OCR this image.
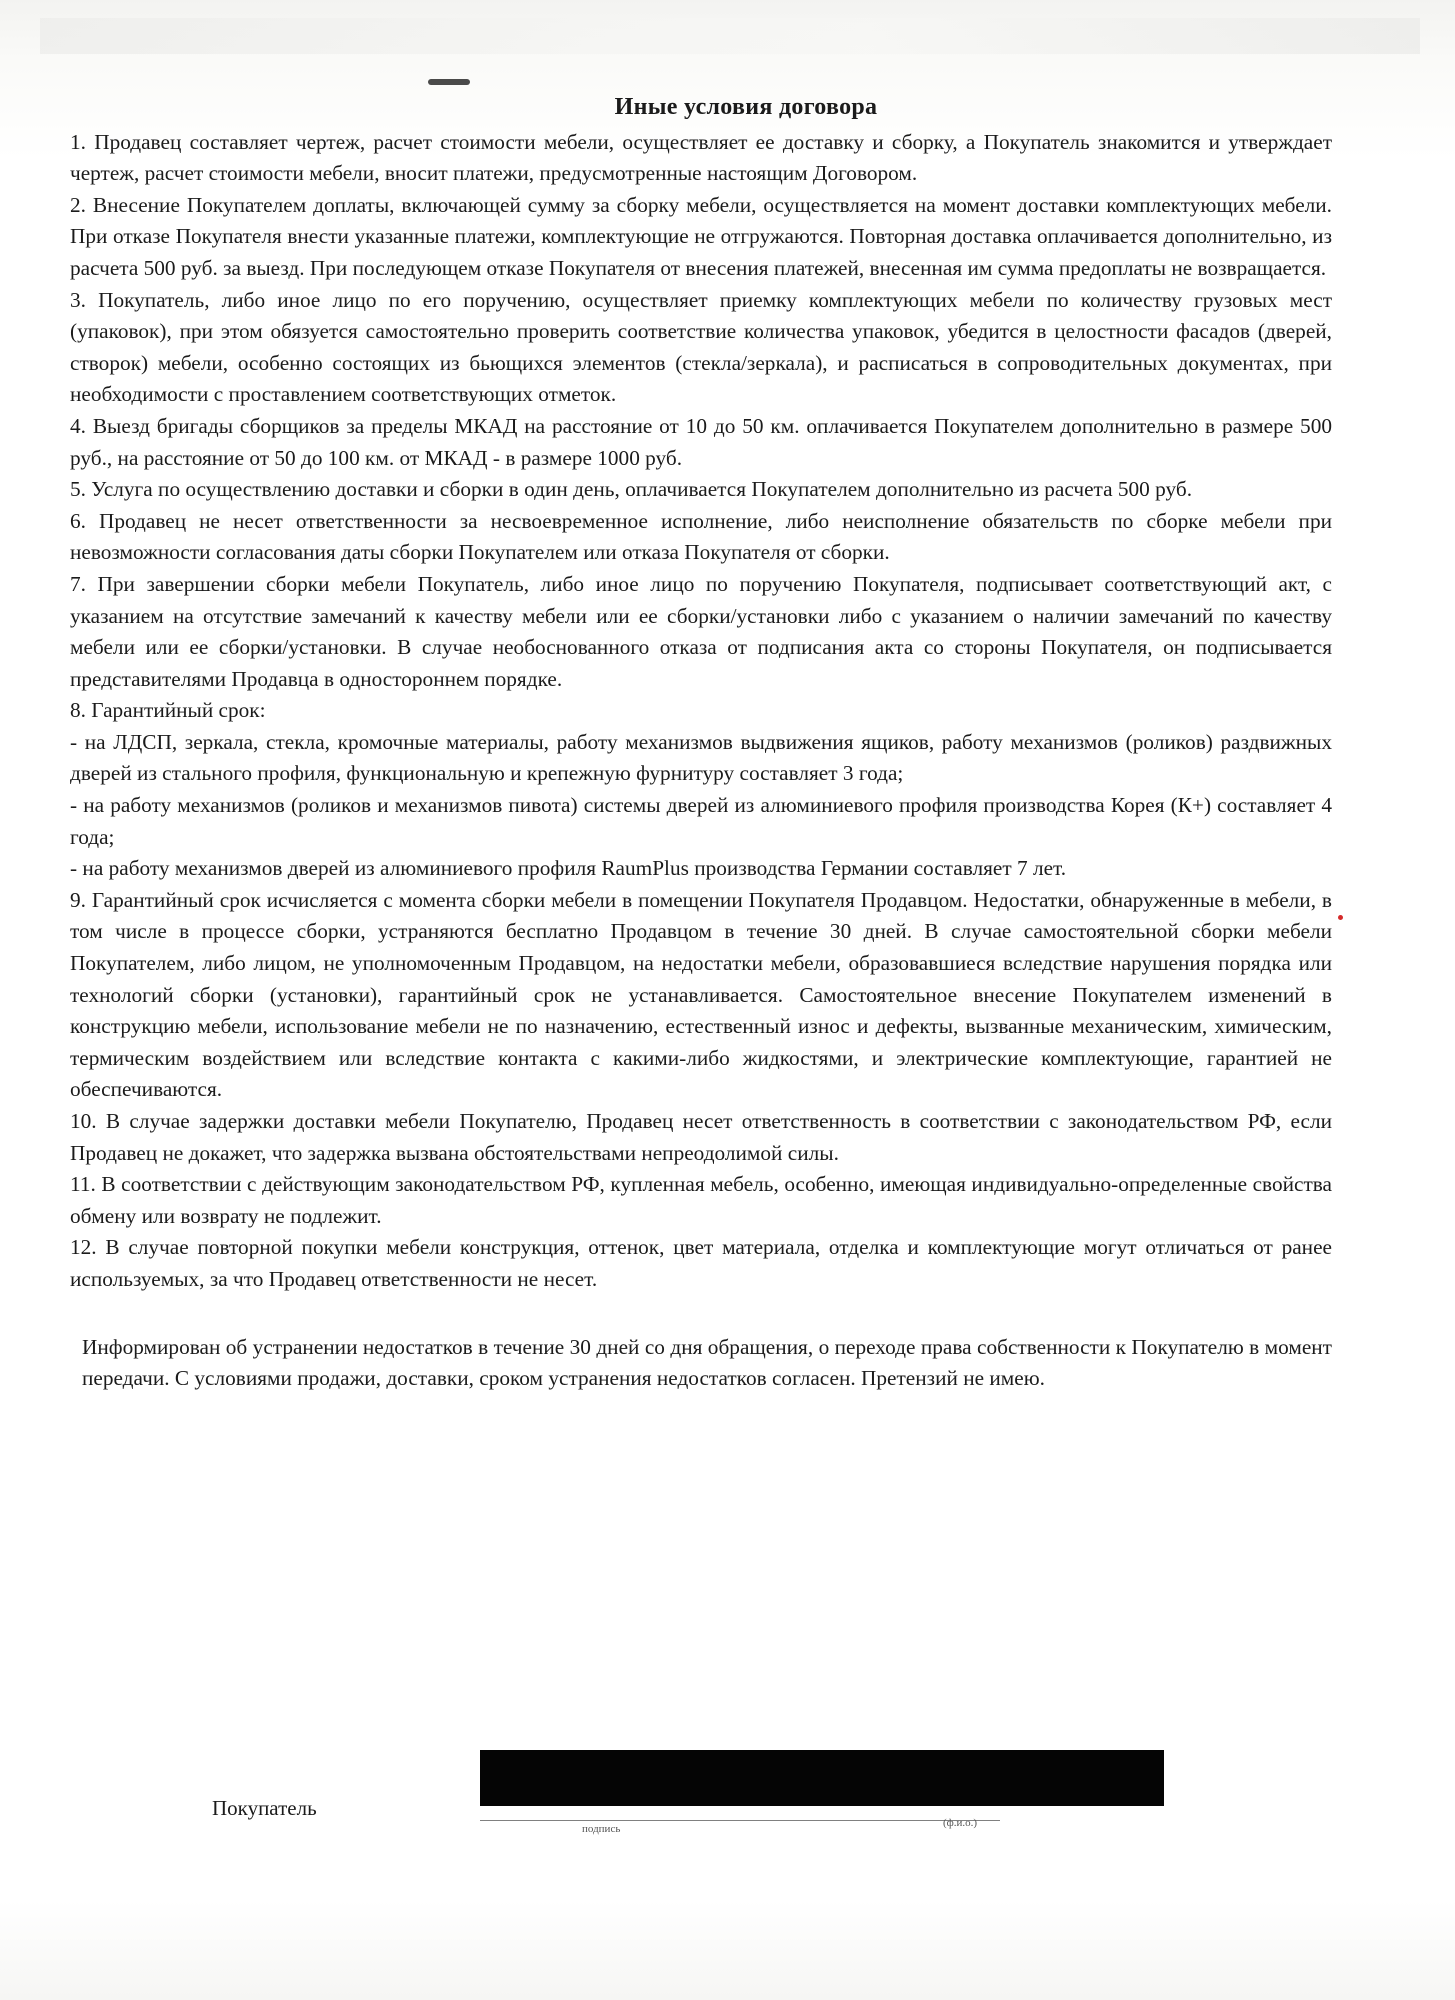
Иные условия договора

1. Продавец составляет чертеж, расчет стоимости мебели, осуществляет ее доставку и сборку, а Покупатель знакомится и утверждает чертеж, расчет стоимости мебели, вносит платежи, предусмотренные настоящим Договором.

2. Внесение Покупателем доплаты, включающей сумму за сборку мебели, осуществляется на момент доставки комплектующих мебели. При отказе Покупателя внести указанные платежи, комплектующие не отгружаются. Повторная доставка оплачивается дополнительно, из расчета 500 руб. за выезд. При последующем отказе Покупателя от внесения платежей, внесенная им сумма предоплаты не возвращается.

3. Покупатель, либо иное лицо по его поручению, осуществляет приемку комплектующих мебели по количеству грузовых мест (упаковок), при этом обязуется самостоятельно проверить соответствие количества упаковок, убедится в целостности фасадов (дверей, створок) мебели, особенно состоящих из бьющихся элементов (стекла/зеркала), и расписаться в сопроводительных документах, при необходимости с проставлением соответствующих отметок.

4. Выезд бригады сборщиков за пределы МКАД на расстояние от 10 до 50 км. оплачивается Покупателем дополнительно в размере 500 руб., на расстояние от 50 до 100 км. от МКАД - в размере 1000 руб.

5. Услуга по осуществлению доставки и сборки в один день, оплачивается Покупателем дополнительно из расчета 500 руб.

6. Продавец не несет ответственности за несвоевременное исполнение, либо неисполнение обязательств по сборке мебели при невозможности согласования даты сборки Покупателем или отказа Покупателя от сборки.

7. При завершении сборки мебели Покупатель, либо иное лицо по поручению Покупателя, подписывает соответствующий акт, с указанием на отсутствие замечаний к качеству мебели или ее сборки/установки либо с указанием о наличии замечаний по качеству мебели или ее сборки/установки. В случае необоснованного отказа от подписания акта со стороны Покупателя, он подписывается представителями Продавца в одностороннем порядке.

8. Гарантийный срок:

- на ЛДСП, зеркала, стекла, кромочные материалы, работу механизмов выдвижения ящиков, работу механизмов (роликов) раздвижных дверей из стального профиля, функциональную и крепежную фурнитуру составляет 3 года;

- на работу механизмов (роликов и механизмов пивота) системы дверей из алюминиевого профиля производства Корея (К+) составляет 4 года;

- на работу механизмов дверей из алюминиевого профиля RaumPlus производства Германии составляет 7 лет.

9. Гарантийный срок исчисляется с момента сборки мебели в помещении Покупателя Продавцом. Недостатки, обнаруженные в мебели, в том числе в процессе сборки, устраняются бесплатно Продавцом в течение 30 дней. В случае самостоятельной сборки мебели Покупателем, либо лицом, не уполномоченным Продавцом, на недостатки мебели, образовавшиеся вследствие нарушения порядка или технологий сборки (установки), гарантийный срок не устанавливается. Самостоятельное внесение Покупателем изменений в конструкцию мебели, использование мебели не по назначению, естественный износ и дефекты, вызванные механическим, химическим, термическим воздействием или вследствие контакта с какими-либо жидкостями, и электрические комплектующие, гарантией не обеспечиваются.

10. В случае задержки доставки мебели Покупателю, Продавец несет ответственность в соответствии с законодательством РФ, если Продавец не докажет, что задержка вызвана обстоятельствами непреодолимой силы.

11. В соответствии с действующим законодательством РФ, купленная мебель, особенно, имеющая индивидуально-определенные свойства обмену или возврату не подлежит.

12. В случае повторной покупки мебели конструкция, оттенок, цвет материала, отделка и комплектующие могут отличаться от ранее используемых, за что Продавец ответственности не несет.

Информирован об устранении недостатков в течение 30 дней со дня обращения, о переходе права собственности к Покупателю в момент передачи. С условиями продажи, доставки, сроком устранения недостатков согласен. Претензий не имею.

Покупатель
подпись	(ф.и.о.)
